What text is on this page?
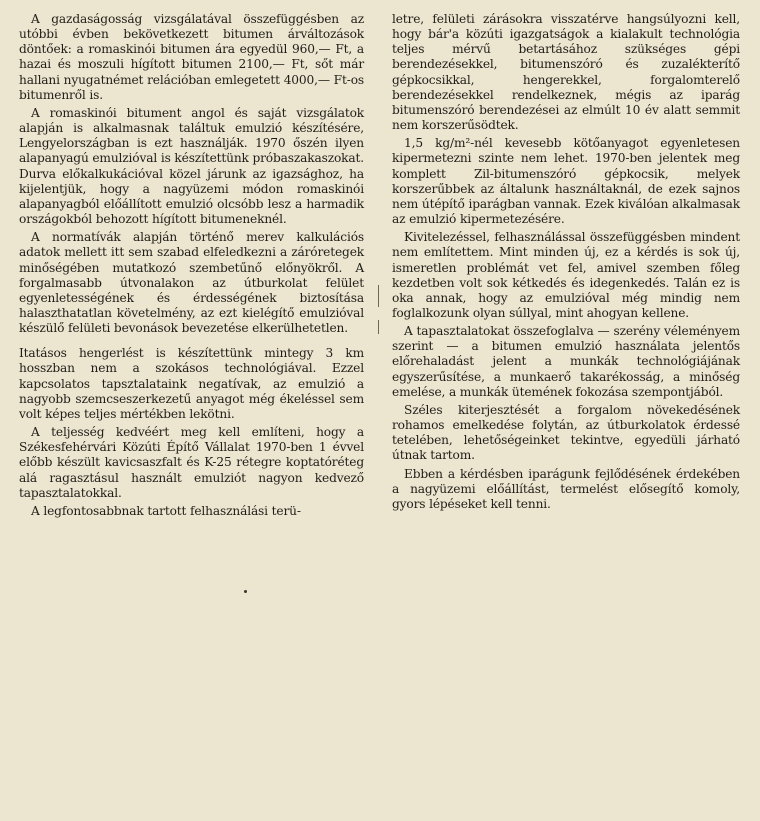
A gazdaságosság vizsgálatával összefüggésben az utóbbi évben bekövetkezett bitumen árváltozások döntőek: a romaskinói bitumen ára egyedül 960,— Ft, a hazai és moszuli hígított bitumen 2100,— Ft, sőt már hallani nyugatnémet relációban emlegetett 4000,— Ft-os bitumenről is.

A romaskinói bitument angol és saját vizsgálatok alapján is alkalmasnak találtuk emulzió készítésére, Lengyelországban is ezt használják. 1970 őszén ilyen alapanyagú emulzióval is készítettünk próbaszakaszokat. Durva előkalkukációval közel járunk az igazsághoz, ha kijelentjük, hogy a nagyüzemi módon romaskinói alapanyagból előállított emulzió olcsóbb lesz a harmadik országokból behozott hígított bitumeneknél.

A normatívák alapján történő merev kalkulációs adatok mellett itt sem szabad elfeledkezni a záróretegek minőségében mutatkozó szembetűnő előnyökről. A forgalmasabb útvonalakon az útburkolat felület egyenletességének és érdességének biztosítása halaszthatatlan követelmény, az ezt kielégítő emulzióval készülő felületi bevonások bevezetése elkerülhetetlen.

Itatásos hengerlést is készítettünk mintegy 3 km hosszban nem a szokásos technológiával. Ezzel kapcsolatos tapsztalataink negatívak, az emulzió a nagyobb szemcseszerkezetű anyagot még ékeléssel sem volt képes teljes mértékben lekötni.

A teljesség kedvéért meg kell említeni, hogy a Székesfehérvári Közúti Építő Vállalat 1970-ben 1 évvel előbb készült kavicsaszfalt és K-25 rétegre koptatóréteg alá ragasztásul használt emulziót nagyon kedvező tapasztalatokkal.

A legfontosabbnak tartott felhasználási terü-

letre, felületi zárásokra visszatérve hangsúlyozni kell, hogy bár'a közúti igazgatságok a kialakult technológia teljes mérvű betartásához szükséges gépi berendezésekkel, bitumenszóró és zuzalékterítő gépkocsikkal, hengerekkel, forgalomterelő berendezésekkel rendelkeznek, mégis az iparág bitumenszóró berendezései az elmúlt 10 év alatt semmit nem korszerűsödtek.

1,5 kg/m²-nél kevesebb kötőanyagot egyenletesen kipermetezni szinte nem lehet. 1970-ben jelentek meg komplett Zil-bitumenszóró gépkocsik, melyek korszerűbbek az általunk használtaknál, de ezek sajnos nem útépítő iparágban vannak. Ezek kiválóan alkalmasak az emulzió kipermetezésére.

Kivitelezéssel, felhasználással összefüggésben mindent nem említettem. Mint minden új, ez a kérdés is sok új, ismeretlen problémát vet fel, amivel szemben főleg kezdetben volt sok kétkedés és idegenkedés. Talán ez is oka annak, hogy az emulzióval még mindig nem foglalkozunk olyan súllyal, mint ahogyan kellene.

A tapasztalatokat összefoglalva — szerény véleményem szerint — a bitumen emulzió használata jelentős előrehaladást jelent a munkák technológiájának egyszerűsítése, a munkaerő takarékosság, a minőség emelése, a munkák ütemének fokozása szempontjából.

Széles kiterjesztését a forgalom növekedésének rohamos emelkedése folytán, az útburkolatok érdessé tetelében, lehetőségeinket tekintve, egyedüli járható útnak tartom.

Ebben a kérdésben iparágunk fejlődésének érdekében a nagyüzemi előállítást, termelést elősegítő komoly, gyors lépéseket kell tenni.
